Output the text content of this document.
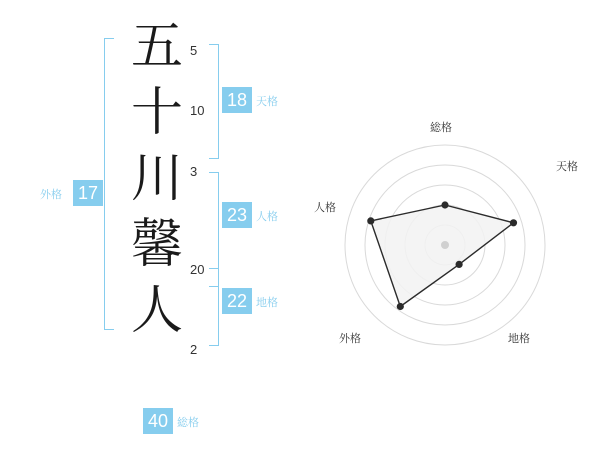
五
十
川
馨
人
5
10
3
20
2
18 天格
23 人格
22 地格
17
外格
40 総格
総格
天格
地格
外格
人格
